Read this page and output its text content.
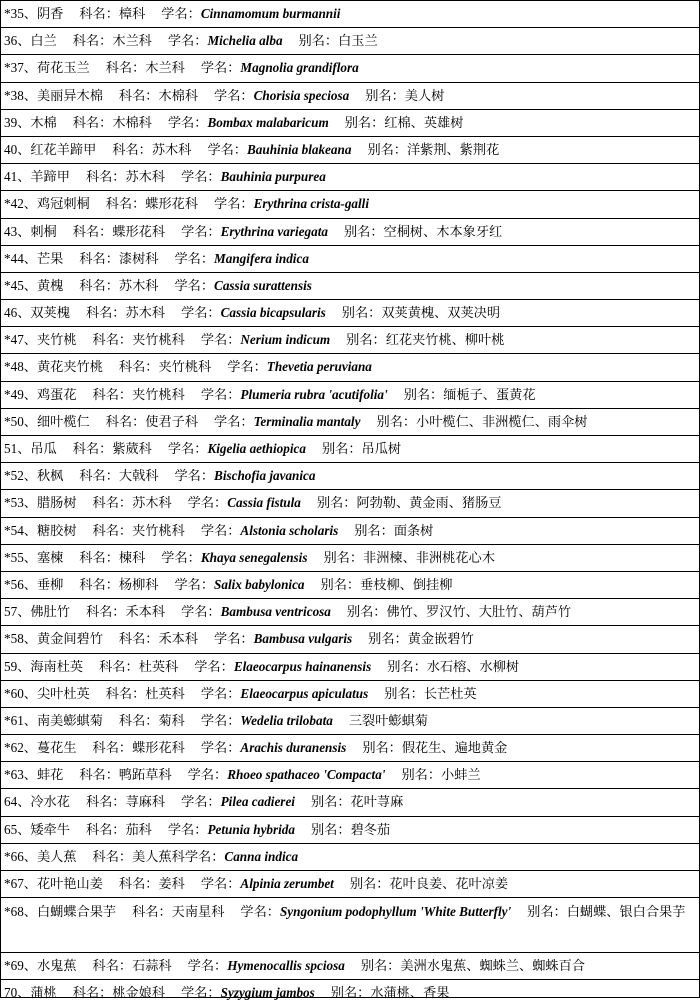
*35、阴香 科名：樟科 学名：Cinnamomum burmannii
36、白兰 科名：木兰科 学名：Michelia alba 别名：白玉兰
*37、荷花玉兰 科名：木兰科 学名：Magnolia grandiflora
*38、美丽异木棉 科名：木棉科 学名：Chorisia speciosa 别名：美人树
39、木棉 科名：木棉科 学名：Bombax malabaricum 别名：红棉、英雄树
40、红花羊蹄甲 科名：苏木科 学名：Bauhinia blakeana 别名：洋紫荆、紫荆花
41、羊蹄甲 科名：苏木科 学名：Bauhinia purpurea
*42、鸡冠刺桐 科名：蝶形花科 学名：Erythrina crista-galli
43、刺桐 科名：蝶形花科 学名：Erythrina variegata 别名：空桐树、木本象牙红
*44、芒果 科名：漆树科 学名：Mangifera indica
*45、黄槐 科名：苏木科 学名：Cassia surattensis
46、双荚槐 科名：苏木科 学名：Cassia bicapsularis 别名：双荚黄槐、双荚决明
*47、夹竹桃 科名：夹竹桃科 学名：Nerium indicum 别名：红花夹竹桃、柳叶桃
*48、黄花夹竹桃 科名：夹竹桃科 学名：Thevetia peruviana
*49、鸡蛋花 科名：夹竹桃科 学名：Plumeria rubra 'acutifolia' 别名：缅栀子、蛋黄花
*50、细叶榄仁 科名：使君子科 学名：Terminalia mantaly 别名：小叶榄仁、非洲榄仁、雨伞树
51、吊瓜 科名：紫葳科 学名：Kigelia aethiopica 别名：吊瓜树
*52、秋枫 科名：大戟科 学名：Bischofia javanica
*53、腊肠树 科名：苏木科 学名：Cassia fistula 别名：阿勃勒、黄金雨、猪肠豆
*54、糖胶树 科名：夹竹桃科 学名：Alstonia scholaris 别名：面条树
*55、塞楝 科名：楝科 学名：Khaya senegalensis 别名：非洲楝、非洲桃花心木
*56、垂柳 科名：杨柳科 学名：Salix babylonica 别名：垂枝柳、倒挂柳
57、佛肚竹 科名：禾本科 学名：Bambusa ventricosa 别名：佛竹、罗汉竹、大肚竹、葫芦竹
*58、黄金间碧竹 科名：禾本科 学名：Bambusa vulgaris 别名：黄金嵌碧竹
59、海南杜英 科名：杜英科 学名：Elaeocarpus hainanensis 别名：水石榕、水柳树
*60、尖叶杜英 科名：杜英科 学名：Elaeocarpus apiculatus 别名：长芒杜英
*61、南美蟛蜞菊 科名：菊科 学名：Wedelia trilobata 三裂叶蟛蜞菊
*62、蔓花生 科名：蝶形花科 学名：Arachis duranensis 别名：假花生、遍地黄金
*63、蚌花 科名：鸭跖草科 学名：Rhoeo spathaceo 'Compacta' 别名：小蚌兰
64、冷水花 科名：荨麻科 学名：Pilea cadierei 别名：花叶荨麻
65、矮牵牛 科名：茄科 学名：Petunia hybrida 别名：碧冬茄
*66、美人蕉 科名：美人蕉科学名：Canna indica
*67、花叶艳山姜 科名：姜科 学名：Alpinia zerumbet 别名：花叶良姜、花叶凉姜
*68、白蝴蝶合果芋 科名：天南星科 学名：Syngonium podophyllum 'White Butterfly' 别名：白蝴蝶、银白合果芋
*69、水鬼蕉 科名：石蒜科 学名：Hymenocallis spciosa 别名：美洲水鬼蕉、蜘蛛兰、蜘蛛百合
70、蒲桃 科名：桃金娘科 学名：Syzygium jambos 别名：水蒲桃、香果
